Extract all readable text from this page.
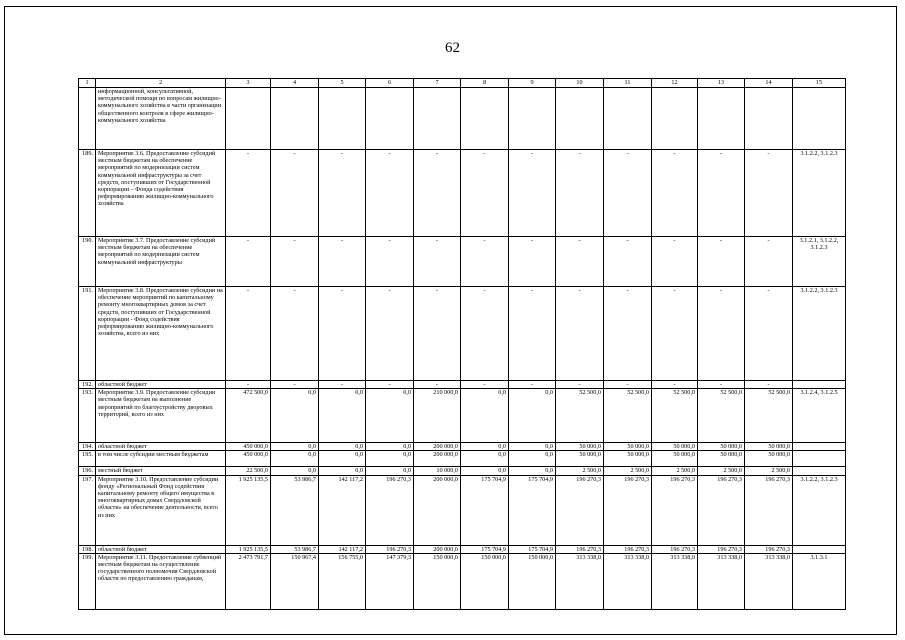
62
1	2	3	4	5	6	7	8	9	10	11	12	13	14	15
	информационной, консультативной, методической помощи по вопросам жилищно-коммунального хозяйства в части организации общественного контроля в сфере жилищно-коммунального хозяйства													
189.	Мероприятие 3.6. Предоставление субсидий местным бюджетам на обеспечение мероприятий по модернизации систем коммунальной инфраструктуры за счет средств, поступивших от Государственной корпорации – Фонда содействия реформированию жилищно-коммунального хозяйства	-	-	-	-	-	-	-	-	-	-	-	-	3.1.2.2, 3.1.2.3
190.	Мероприятие 3.7. Предоставление субсидий местным бюджетам на обеспечение мероприятий по модернизации систем коммунальной инфраструктуры	-	-	-	-	-	-	-	-	-	-	-	-	3.1.2.1, 3.1.2.2, 3.1.2.3
191.	Мероприятие 3.8. Предоставление субсидии на обеспечение мероприятий по капитальному ремонту многоквартирных домов за счет средств, поступивших от Государственной корпорации - Фонд содействия реформированию жилищно-коммунального хозяйства, всего из них	-	-	-	-	-	-	-	-	-	-	-	-	3.1.2.2, 3.1.2.3
192.	областной бюджет	-	-	-	-	-	-	-	-	-	-	-	-	
193.	Мероприятие 3.9. Предоставление субсидии местным бюджетам на выполнение мероприятий по благоустройству дворовых территорий, всего из них	472 500,0	0,0	0,0	0,0	210 000,0	0,0	0,0	52 500,0	52 500,0	52 500,0	52 500,0	52 500,0	3.1.2.4, 3.1.2.5
194.	областной бюджет	450 000,0	0,0	0,0	0,0	200 000,0	0,0	0,0	50 000,0	50 000,0	50 000,0	50 000,0	50 000,0	
195.	в том числе субсидии местным бюджетам	450 000,0	0,0	0,0	0,0	200 000,0	0,0	0,0	50 000,0	50 000,0	50 000,0	50 000,0	50 000,0	
196.	местный бюджет	22 500,0	0,0	0,0	0,0	10 000,0	0,0	0,0	2 500,0	2 500,0	2 500,0	2 500,0	2 500,0	
197.	Мероприятие 3.10. Предоставление субсидии фонду «Региональный Фонд содействия капитальному ремонту общего имущества в многоквартирных домах Свердловской области» на обеспечение деятельности, всего из них	1 925 135,5	53 986,7	142 117,2	196 270,3	200 000,0	175 704,9	175 704,9	196 270,3	196 270,3	196 270,3	196 270,3	196 270,3	3.1.2.2, 3.1.2.3
198.	областной бюджет	1 925 135,5	53 986,7	142 117,2	196 270,3	200 000,0	175 704,9	175 704,9	196 270,3	196 270,3	196 270,3	196 270,3	196 270,3	
199.	Мероприятие 3.11. Предоставление субвенций местным бюджетам на осуществление государственного полномочия Свердловской области по предоставлению гражданам,	2 473 791,7	150 967,4	156 755,0	147 379,3	150 000,0	150 000,0	150 000,0	313 338,0	313 338,0	313 338,0	313 338,0	313 338,0	3.1.3.1
